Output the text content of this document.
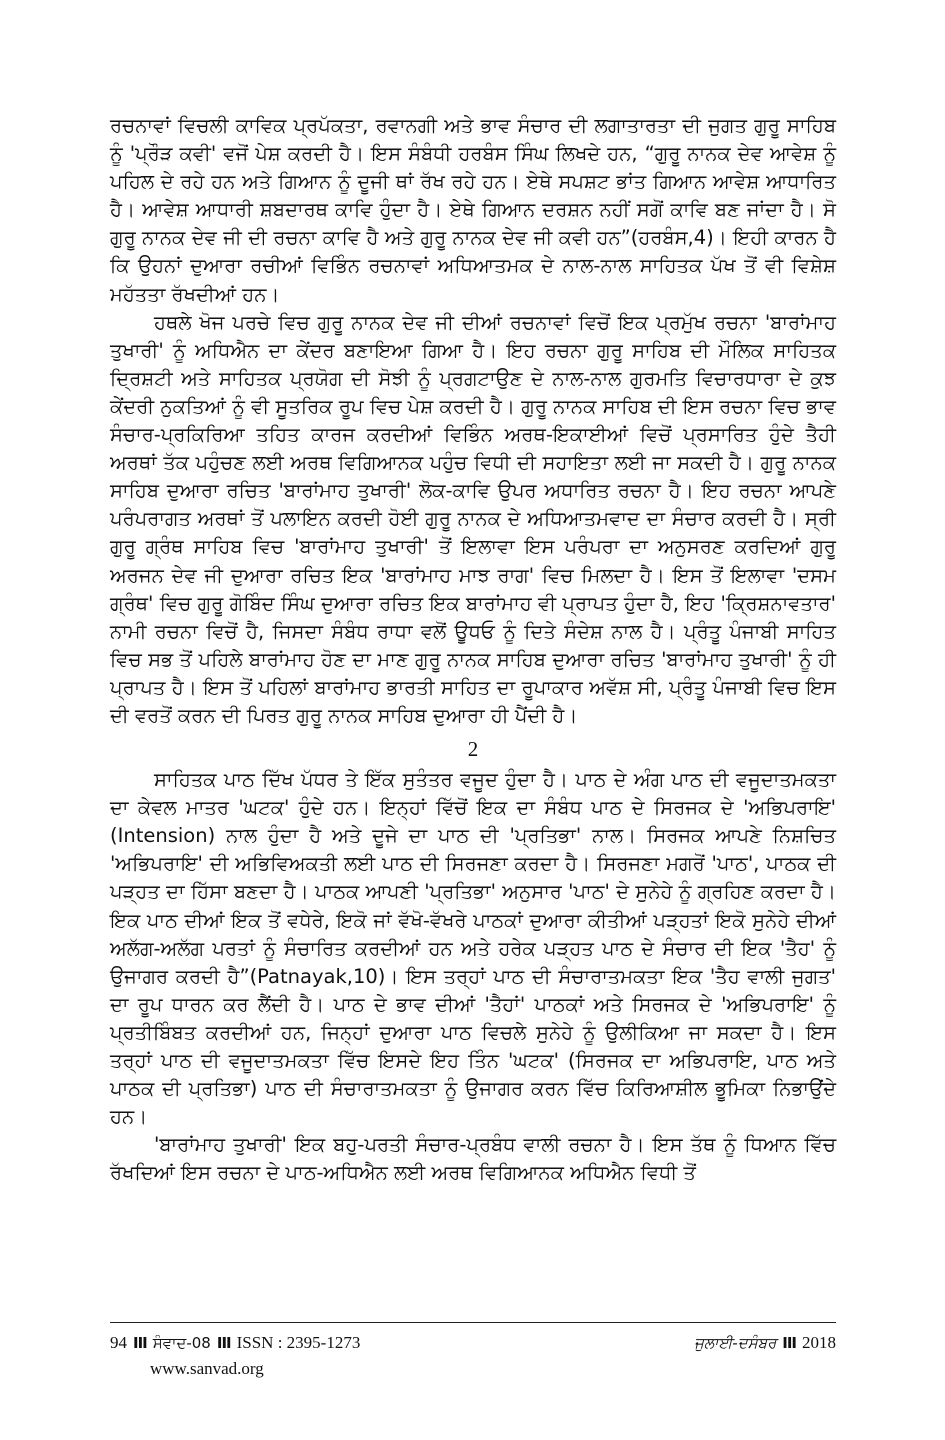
ਰਚਨਾਵਾਂ ਵਿਚਲੀ ਕਾਵਿਕ ਪ੍ਰਪੱਕਤਾ, ਰਵਾਨਗੀ ਅਤੇ ਭਾਵ ਸੰਚਾਰ ਦੀ ਲਗਾਤਾਰਤਾ ਦੀ ਜੁਗਤ ਗੁਰੂ ਸਾਹਿਬ ਨੂੰ 'ਪ੍ਰੌੜ ਕਵੀ' ਵਜੋਂ ਪੇਸ਼ ਕਰਦੀ ਹੈ। ਇਸ ਸੰਬੰਧੀ ਹਰਬੰਸ ਸਿੰਘ ਲਿਖਦੇ ਹਨ, “ਗੁਰੂ ਨਾਨਕ ਦੇਵ ਆਵੇਸ਼ ਨੂੰ ਪਹਿਲ ਦੇ ਰਹੇ ਹਨ ਅਤੇ ਗਿਆਨ ਨੂੰ ਦੂਜੀ ਥਾਂ ਰੱਖ ਰਹੇ ਹਨ। ਏਥੇ ਸਪਸ਼ਟ ਭਾਂਤ ਗਿਆਨ ਆਵੇਸ਼ ਆਧਾਰਿਤ ਹੈ। ਆਵੇਸ਼ ਆਧਾਰੀ ਸ਼ਬਦਾਰਥ ਕਾਵਿ ਹੁੰਦਾ ਹੈ। ਏਥੇ ਗਿਆਨ ਦਰਸ਼ਨ ਨਹੀਂ ਸਗੋਂ ਕਾਵਿ ਬਣ ਜਾਂਦਾ ਹੈ। ਸੋ ਗੁਰੂ ਨਾਨਕ ਦੇਵ ਜੀ ਦੀ ਰਚਨਾ ਕਾਵਿ ਹੈ ਅਤੇ ਗੁਰੂ ਨਾਨਕ ਦੇਵ ਜੀ ਕਵੀ ਹਨ”(ਹਰਬੰਸ,4)। ਇਹੀ ਕਾਰਨ ਹੈ ਕਿ ਉਹਨਾਂ ਦੁਆਰਾ ਰਚੀਆਂ ਵਿਭਿੰਨ ਰਚਨਾਵਾਂ ਅਧਿਆਤਮਕ ਦੇ ਨਾਲ-ਨਾਲ ਸਾਹਿਤਕ ਪੱਖ ਤੋਂ ਵੀ ਵਿਸ਼ੇਸ਼ ਮਹੱਤਤਾ ਰੱਖਦੀਆਂ ਹਨ।

ਹਥਲੇ ਖੋਜ ਪਰਚੇ ਵਿਚ ਗੁਰੂ ਨਾਨਕ ਦੇਵ ਜੀ ਦੀਆਂ ਰਚਨਾਵਾਂ ਵਿਚੋਂ ਇਕ ਪ੍ਰਮੁੱਖ ਰਚਨਾ 'ਬਾਰਾਂਮਾਹ ਤੁਖਾਰੀ' ਨੂੰ ਅਧਿਐਨ ਦਾ ਕੇਂਦਰ ਬਣਾਇਆ ਗਿਆ ਹੈ। ਇਹ ਰਚਨਾ ਗੁਰੂ ਸਾਹਿਬ ਦੀ ਮੌਲਿਕ ਸਾਹਿਤਕ ਦ੍ਰਿਸ਼ਟੀ ਅਤੇ ਸਾਹਿਤਕ ਪ੍ਰਯੋਗ ਦੀ ਸੋਝੀ ਨੂੰ ਪ੍ਰਗਟਾਉਣ ਦੇ ਨਾਲ-ਨਾਲ ਗੁਰਮਤਿ ਵਿਚਾਰਧਾਰਾ ਦੇ ਕੁਝ ਕੇਂਦਰੀ ਨੁਕਤਿਆਂ ਨੂੰ ਵੀ ਸੂਤਰਿਕ ਰੂਪ ਵਿਚ ਪੇਸ਼ ਕਰਦੀ ਹੈ। ਗੁਰੂ ਨਾਨਕ ਸਾਹਿਬ ਦੀ ਇਸ ਰਚਨਾ ਵਿਚ ਭਾਵ ਸੰਚਾਰ-ਪ੍ਰਕਿਰਿਆ ਤਹਿਤ ਕਾਰਜ ਕਰਦੀਆਂ ਵਿਭਿੰਨ ਅਰਥ-ਇਕਾਈਆਂ ਵਿਚੋਂ ਪ੍ਰਸਾਰਿਤ ਹੁੰਦੇ ਤੈਹੀ ਅਰਥਾਂ ਤੱਕ ਪਹੁੰਚਣ ਲਈ ਅਰਥ ਵਿਗਿਆਨਕ ਪਹੁੰਚ ਵਿਧੀ ਦੀ ਸਹਾਇਤਾ ਲਈ ਜਾ ਸਕਦੀ ਹੈ। ਗੁਰੂ ਨਾਨਕ ਸਾਹਿਬ ਦੁਆਰਾ ਰਚਿਤ 'ਬਾਰਾਂਮਾਹ ਤੁਖਾਰੀ' ਲੋਕ-ਕਾਵਿ ਉਪਰ ਅਧਾਰਿਤ ਰਚਨਾ ਹੈ। ਇਹ ਰਚਨਾ ਆਪਣੇ ਪਰੰਪਰਾਗਤ ਅਰਥਾਂ ਤੋਂ ਪਲਾਇਨ ਕਰਦੀ ਹੋਈ ਗੁਰੂ ਨਾਨਕ ਦੇ ਅਧਿਆਤਮਵਾਦ ਦਾ ਸੰਚਾਰ ਕਰਦੀ ਹੈ। ਸ੍ਰੀ ਗੁਰੂ ਗ੍ਰੰਥ ਸਾਹਿਬ ਵਿਚ 'ਬਾਰਾਂਮਾਹ ਤੁਖਾਰੀ' ਤੋਂ ਇਲਾਵਾ ਇਸ ਪਰੰਪਰਾ ਦਾ ਅਨੁਸਰਣ ਕਰਦਿਆਂ ਗੁਰੂ ਅਰਜਨ ਦੇਵ ਜੀ ਦੁਆਰਾ ਰਚਿਤ ਇਕ 'ਬਾਰਾਂਮਾਹ ਮਾਝ ਰਾਗ' ਵਿਚ ਮਿਲਦਾ ਹੈ। ਇਸ ਤੋਂ ਇਲਾਵਾ 'ਦਸਮ ਗ੍ਰੰਥ' ਵਿਚ ਗੁਰੂ ਗੋਬਿੰਦ ਸਿੰਘ ਦੁਆਰਾ ਰਚਿਤ ਇਕ ਬਾਰਾਂਮਾਹ ਵੀ ਪ੍ਰਾਪਤ ਹੁੰਦਾ ਹੈ, ਇਹ 'ਕ੍ਰਿਸ਼ਨਾਵਤਾਰ' ਨਾਮੀ ਰਚਨਾ ਵਿਚੋਂ ਹੈ, ਜਿਸਦਾ ਸੰਬੰਧ ਰਾਧਾ ਵਲੋਂ ਊਧਓ ਨੂੰ ਦਿਤੇ ਸੰਦੇਸ਼ ਨਾਲ ਹੈ। ਪ੍ਰੰਤੂ ਪੰਜਾਬੀ ਸਾਹਿਤ ਵਿਚ ਸਭ ਤੋਂ ਪਹਿਲੇ ਬਾਰਾਂਮਾਹ ਹੋਣ ਦਾ ਮਾਣ ਗੁਰੂ ਨਾਨਕ ਸਾਹਿਬ ਦੁਆਰਾ ਰਚਿਤ 'ਬਾਰਾਂਮਾਹ ਤੁਖਾਰੀ' ਨੂੰ ਹੀ ਪ੍ਰਾਪਤ ਹੈ। ਇਸ ਤੋਂ ਪਹਿਲਾਂ ਬਾਰਾਂਮਾਹ ਭਾਰਤੀ ਸਾਹਿਤ ਦਾ ਰੂਪਾਕਾਰ ਅਵੱਸ਼ ਸੀ, ਪ੍ਰੰਤੂ ਪੰਜਾਬੀ ਵਿਚ ਇਸ ਦੀ ਵਰਤੋਂ ਕਰਨ ਦੀ ਪਿਰਤ ਗੁਰੂ ਨਾਨਕ ਸਾਹਿਬ ਦੁਆਰਾ ਹੀ ਪੈਂਦੀ ਹੈ।

2

ਸਾਹਿਤਕ ਪਾਠ ਦਿੱਖ ਪੱਧਰ ਤੇ ਇੱਕ ਸੁਤੰਤਰ ਵਜੂਦ ਹੁੰਦਾ ਹੈ। ਪਾਠ ਦੇ ਅੰਗ ਪਾਠ ਦੀ ਵਜੂਦਾਤਮਕਤਾ ਦਾ ਕੇਵਲ ਮਾਤਰ 'ਘਟਕ' ਹੁੰਦੇ ਹਨ। ਇਨ੍ਹਾਂ ਵਿੱਚੋਂ ਇਕ ਦਾ ਸੰਬੰਧ ਪਾਠ ਦੇ ਸਿਰਜਕ ਦੇ 'ਅਭਿਪਰਾਇ' (Intension) ਨਾਲ ਹੁੰਦਾ ਹੈ ਅਤੇ ਦੂਜੇ ਦਾ ਪਾਠ ਦੀ 'ਪ੍ਰਤਿਭਾ' ਨਾਲ। ਸਿਰਜਕ ਆਪਣੇ ਨਿਸ਼ਚਿਤ 'ਅਭਿਪਰਾਇ' ਦੀ ਅਭਿਵਿਅਕਤੀ ਲਈ ਪਾਠ ਦੀ ਸਿਰਜਣਾ ਕਰਦਾ ਹੈ। ਸਿਰਜਣਾ ਮਗਰੋਂ 'ਪਾਠ', ਪਾਠਕ ਦੀ ਪੜ੍ਹਤ ਦਾ ਹਿੱਸਾ ਬਣਦਾ ਹੈ। ਪਾਠਕ ਆਪਣੀ 'ਪ੍ਰਤਿਭਾ' ਅਨੁਸਾਰ 'ਪਾਠ' ਦੇ ਸੁਨੇਹੇ ਨੂੰ ਗ੍ਰਹਿਣ ਕਰਦਾ ਹੈ। ਇਕ ਪਾਠ ਦੀਆਂ ਇਕ ਤੋਂ ਵਧੇਰੇ, ਇਕੋ ਜਾਂ ਵੱਖੋ-ਵੱਖਰੇ ਪਾਠਕਾਂ ਦੁਆਰਾ ਕੀਤੀਆਂ ਪੜ੍ਹਤਾਂ ਇਕੋ ਸੁਨੇਹੇ ਦੀਆਂ ਅਲੱਗ-ਅਲੱਗ ਪਰਤਾਂ ਨੂੰ ਸੰਚਾਰਿਤ ਕਰਦੀਆਂ ਹਨ ਅਤੇ ਹਰੇਕ ਪੜ੍ਹਤ ਪਾਠ ਦੇ ਸੰਚਾਰ ਦੀ ਇਕ 'ਤੈਹ' ਨੂੰ ਉਜਾਗਰ ਕਰਦੀ ਹੈ”(Patnayak,10)। ਇਸ ਤਰ੍ਹਾਂ ਪਾਠ ਦੀ ਸੰਚਾਰਾਤਮਕਤਾ ਇਕ 'ਤੈਹ ਵਾਲੀ ਜੁਗਤ' ਦਾ ਰੂਪ ਧਾਰਨ ਕਰ ਲੈਂਦੀ ਹੈ। ਪਾਠ ਦੇ ਭਾਵ ਦੀਆਂ 'ਤੈਹਾਂ' ਪਾਠਕਾਂ ਅਤੇ ਸਿਰਜਕ ਦੇ 'ਅਭਿਪਰਾਇ' ਨੂੰ ਪ੍ਰਤੀਬਿੰਬਤ ਕਰਦੀਆਂ ਹਨ, ਜਿਨ੍ਹਾਂ ਦੁਆਰਾ ਪਾਠ ਵਿਚਲੇ ਸੁਨੇਹੇ ਨੂੰ ਉਲੀਕਿਆ ਜਾ ਸਕਦਾ ਹੈ। ਇਸ ਤਰ੍ਹਾਂ ਪਾਠ ਦੀ ਵਜੂਦਾਤਮਕਤਾ ਵਿੱਚ ਇਸਦੇ ਇਹ ਤਿੰਨ 'ਘਟਕ' (ਸਿਰਜਕ ਦਾ ਅਭਿਪਰਾਇ, ਪਾਠ ਅਤੇ ਪਾਠਕ ਦੀ ਪ੍ਰਤਿਭਾ) ਪਾਠ ਦੀ ਸੰਚਾਰਾਤਮਕਤਾ ਨੂੰ ਉਜਾਗਰ ਕਰਨ ਵਿੱਚ ਕਿਰਿਆਸ਼ੀਲ ਭੂਮਿਕਾ ਨਿਭਾਉਂਦੇ ਹਨ।

'ਬਾਰਾਂਮਾਹ ਤੁਖਾਰੀ' ਇਕ ਬਹੁ-ਪਰਤੀ ਸੰਚਾਰ-ਪ੍ਰਬੰਧ ਵਾਲੀ ਰਚਨਾ ਹੈ। ਇਸ ਤੱਥ ਨੂੰ ਧਿਆਨ ਵਿੱਚ ਰੱਖਦਿਆਂ ਇਸ ਰਚਨਾ ਦੇ ਪਾਠ-ਅਧਿਐਨ ਲਈ ਅਰਥ ਵਿਗਿਆਨਕ ਅਧਿਐਨ ਵਿਧੀ ਤੋਂ

94 III ਸੰਵਾਦ-08 III ISSN : 2395-1273	ਜੁਲਾਈ-ਦਸੰਬਰ III 2018
www.sanvad.org
